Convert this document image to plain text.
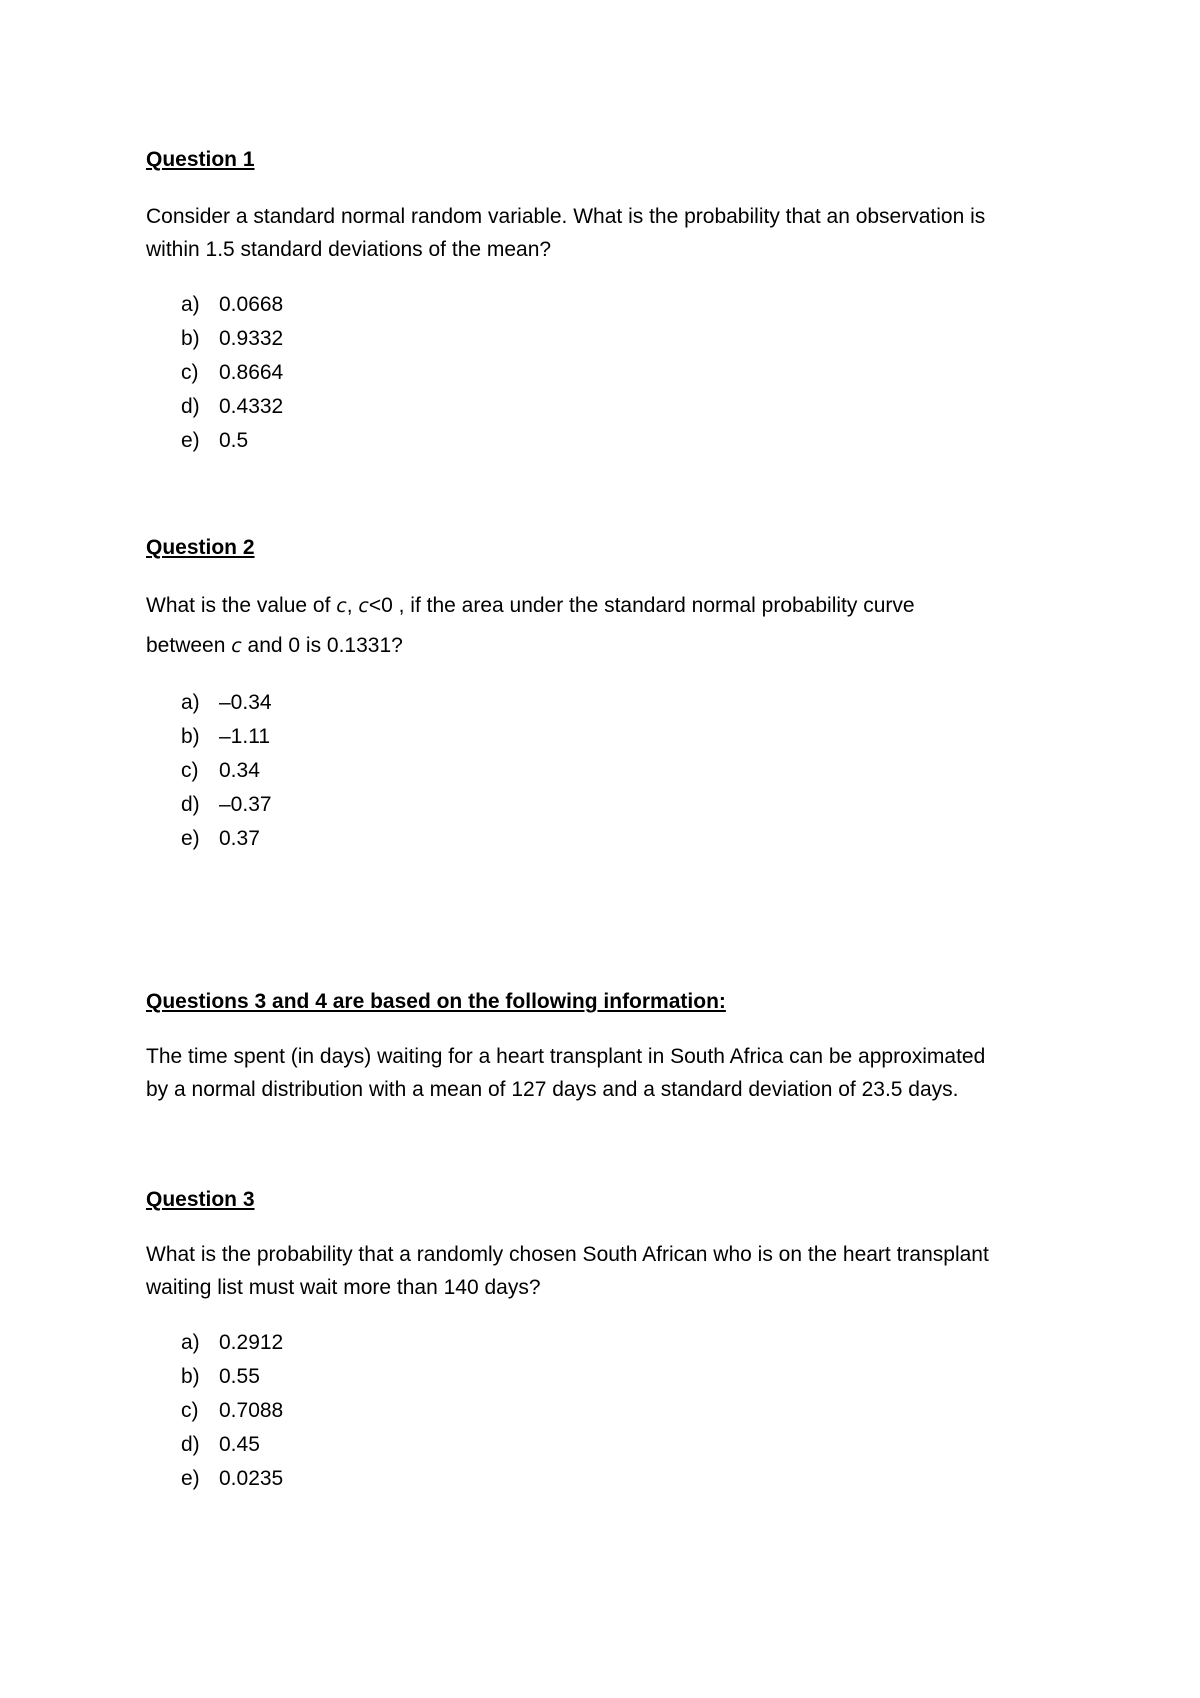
Question 1

Consider a standard normal random variable. What is the probability that an observation is
within 1.5 standard deviations of the mean?

a) 0.0668
b) 0.9332
c) 0.8664
d) 0.4332
e) 0.5
Question 2

What is the value of c, c<0 , if the area under the standard normal probability curve
between c and 0 is 0.1331?

a) –0.34
b) –1.11
c) 0.34
d) –0.37
e) 0.37
Questions 3 and 4 are based on the following information:

The time spent (in days) waiting for a heart transplant in South Africa can be approximated
by a normal distribution with a mean of 127 days and a standard deviation of 23.5 days.

Question 3

What is the probability that a randomly chosen South African who is on the heart transplant
waiting list must wait more than 140 days?

a) 0.2912
b) 0.55
c) 0.7088
d) 0.45
e) 0.0235
